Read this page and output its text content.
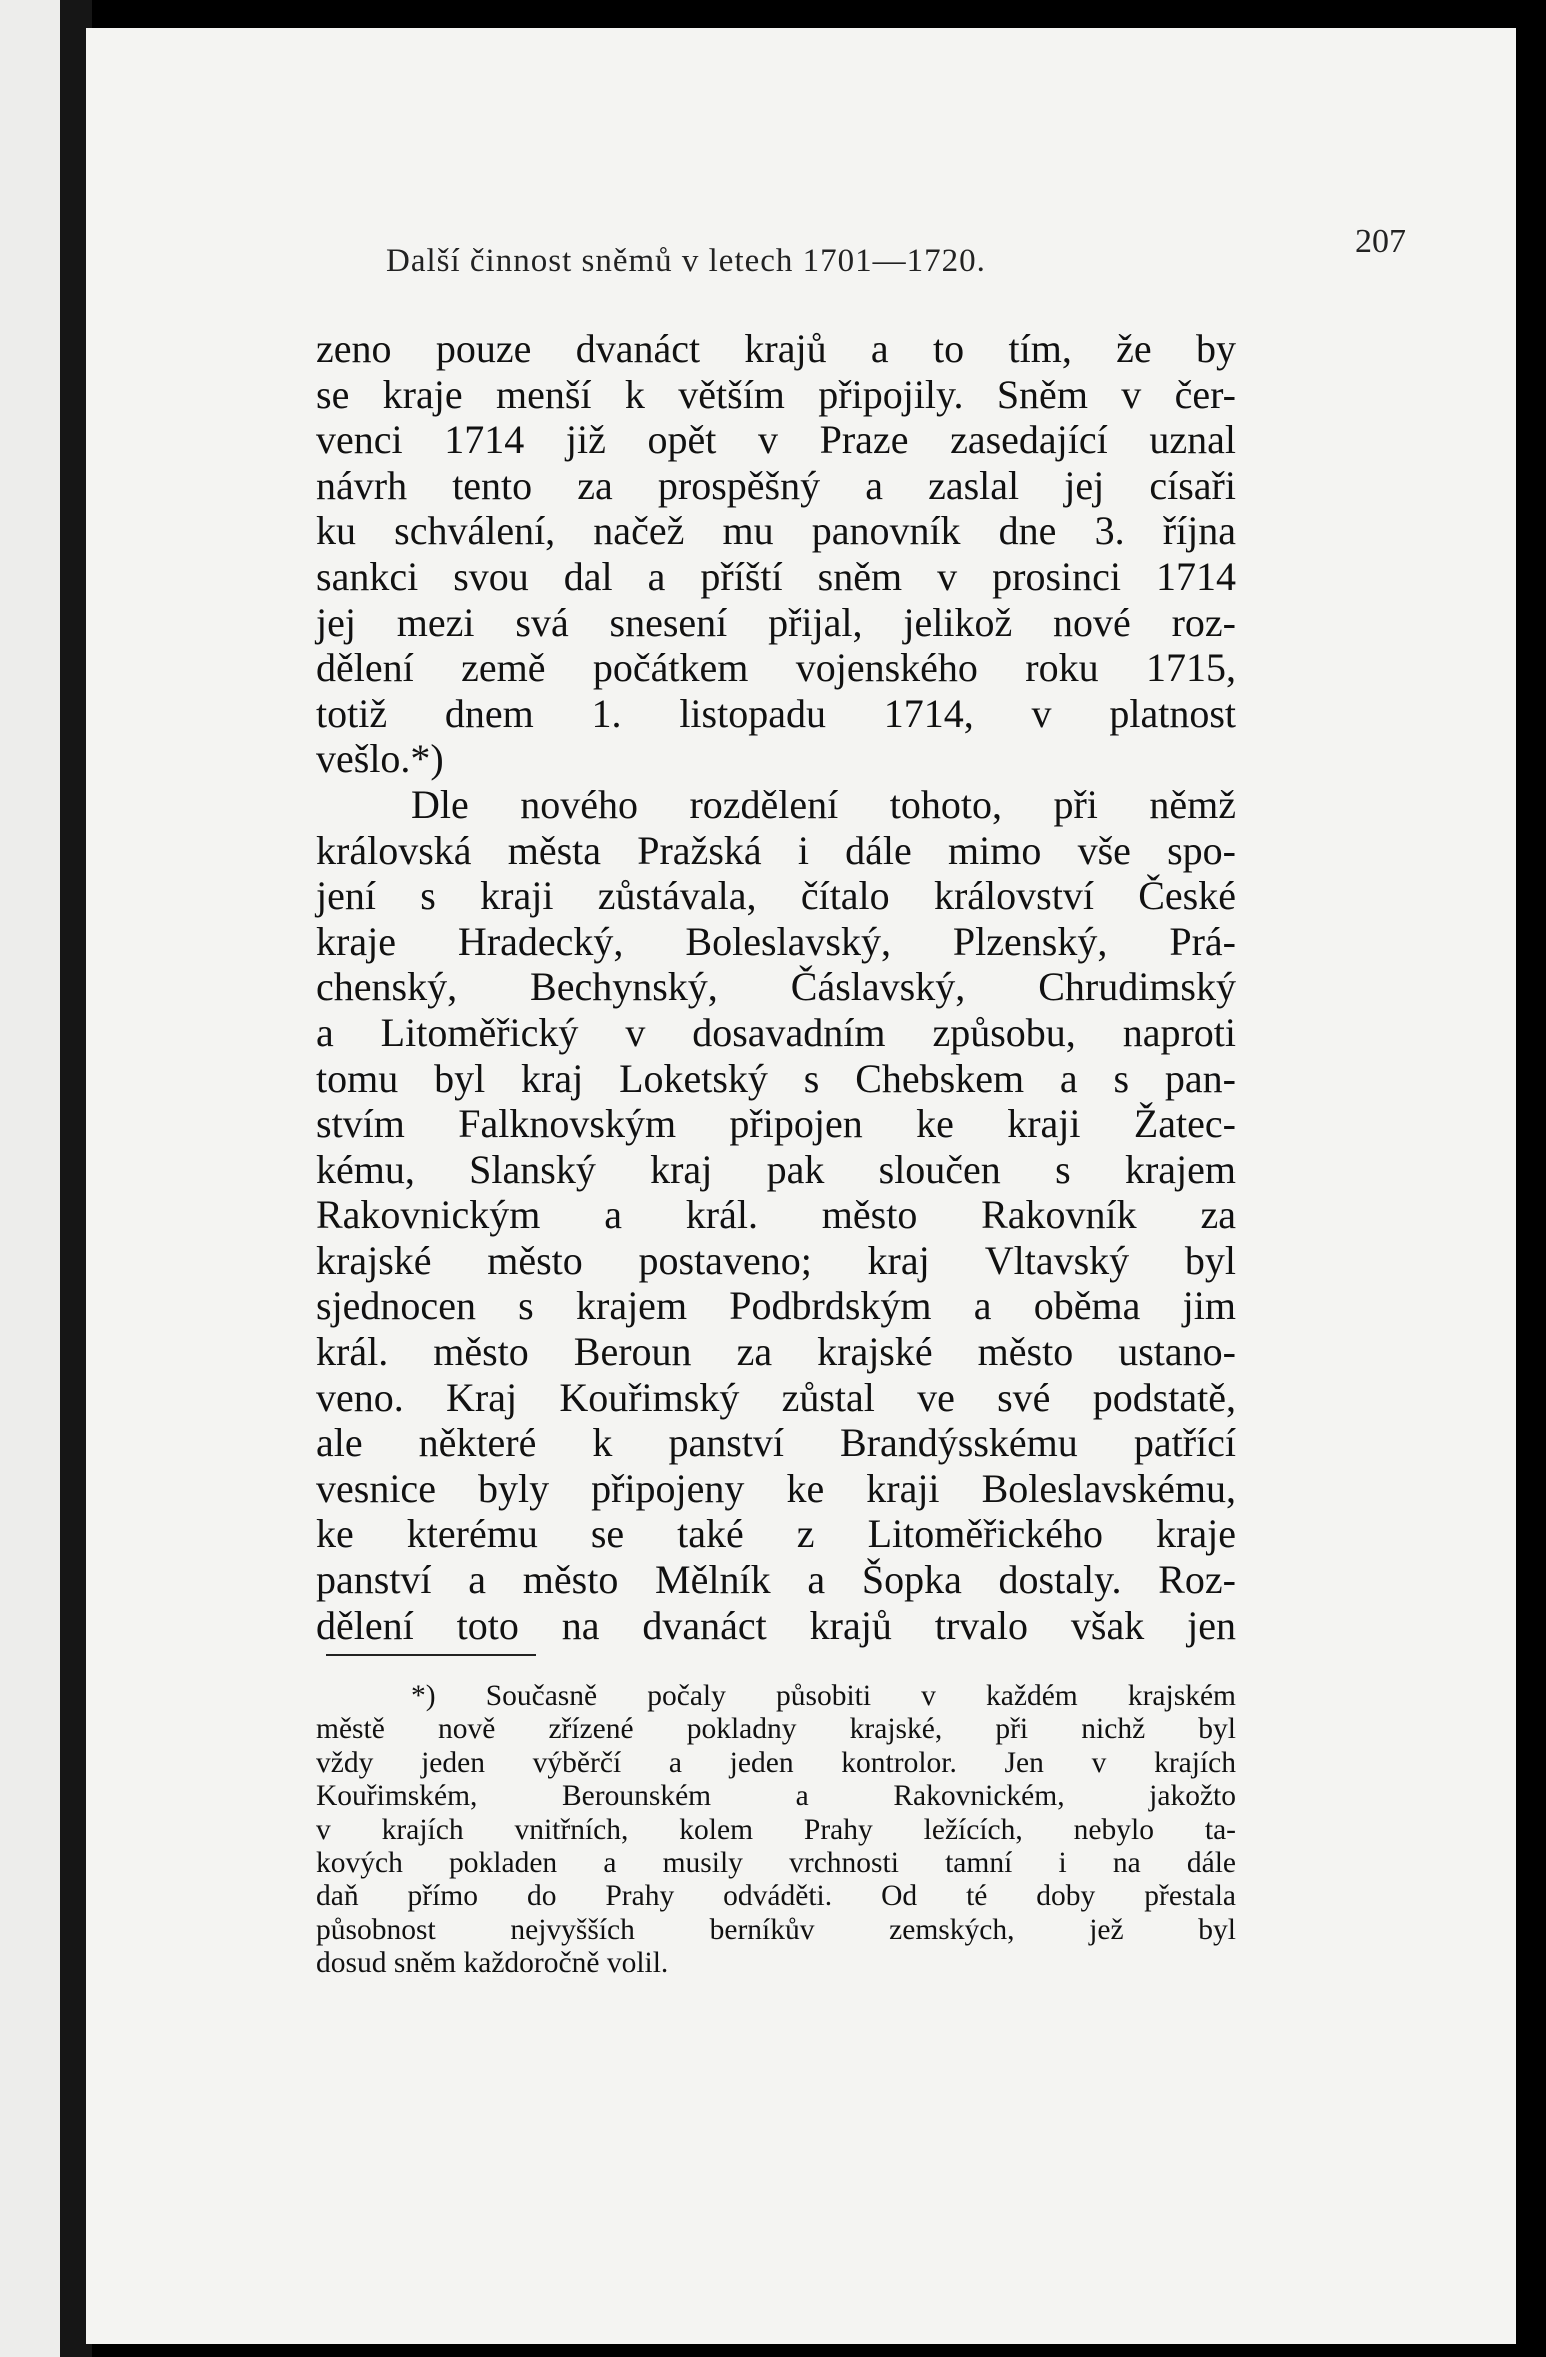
Další činnost sněmů v letech 1701—1720.
207
zeno pouze dvanáct krajů a to tím, že by
se kraje menší k větším připojily. Sněm v čer-
venci 1714 již opět v Praze zasedající uznal
návrh tento za prospěšný a zaslal jej císaři
ku schválení, načež mu panovník dne 3. října
sankci svou dal a příští sněm v prosinci 1714
jej mezi svá snesení přijal, jelikož nové roz-
dělení země počátkem vojenského roku 1715,
totiž dnem 1. listopadu 1714, v platnost
vešlo.*)
Dle nového rozdělení tohoto, při němž
královská města Pražská i dále mimo vše spo-
jení s kraji zůstávala, čítalo království České
kraje Hradecký, Boleslavský, Plzenský, Prá-
chenský, Bechynský, Čáslavský, Chrudimský
a Litoměřický v dosavadním způsobu, naproti
tomu byl kraj Loketský s Chebskem a s pan-
stvím Falknovským připojen ke kraji Žatec-
kému, Slanský kraj pak sloučen s krajem
Rakovnickým a král. město Rakovník za
krajské město postaveno; kraj Vltavský byl
sjednocen s krajem Podbrdským a oběma jim
král. město Beroun za krajské město ustano-
veno. Kraj Kouřimský zůstal ve své podstatě,
ale některé k panství Brandýsskému patřící
vesnice byly připojeny ke kraji Boleslavskému,
ke kterému se také z Litoměřického kraje
panství a město Mělník a Šopka dostaly. Roz-
dělení toto na dvanáct krajů trvalo však jen
*) Současně počaly působiti v každém krajském
městě nově zřízené pokladny krajské, při nichž byl
vždy jeden výběrčí a jeden kontrolor. Jen v krajích
Kouřimském, Berounském a Rakovnickém, jakožto
v krajích vnitřních, kolem Prahy ležících, nebylo ta-
kových pokladen a musily vrchnosti tamní i na dále
daň přímo do Prahy odváděti. Od té doby přestala
působnost nejvyšších berníkův zemských, jež byl
dosud sněm každoročně volil.
